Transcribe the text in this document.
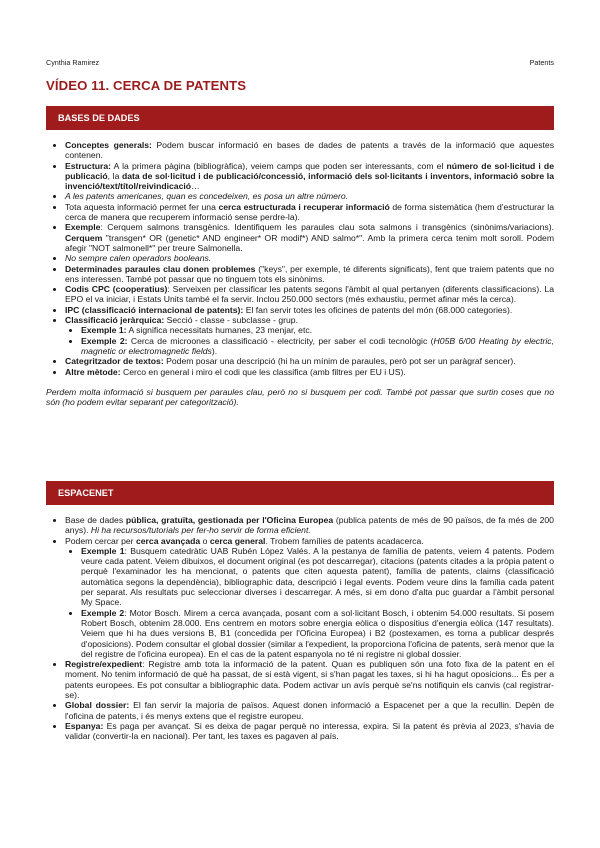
Cynthia Ramirez	Patents
VÍDEO 11. CERCA DE PATENTS
BASES DE DADES
• Conceptes generals: Podem buscar informació en bases de dades de patents a través de la informació que aquestes contenen.
• Estructura: A la primera pàgina (bibliogràfica), veiem camps que poden ser interessants, com el número de sol·licitud i de publicació, la data de sol·licitud i de publicació/concessió, informació dels sol·licitants i inventors, informació sobre la invenció/text/títol/reivindicació…
• A les patents americanes, quan es concedeixen, es posa un altre número.
• Tota aquesta informació permet fer una cerca estructurada i recuperar informació de forma sistemàtica (hem d'estructurar la cerca de manera que recuperem informació sense perdre-la).
• Exemple: Cerquem salmons transgènics. Identifiquem les paraules clau sota salmons i transgènics (sinònims/variacions). Cerquem "transgen* OR (genetic* AND engineer* OR modif*) AND salmo*". Amb la primera cerca tenim molt soroll. Podem afegir "NOT salmonell*" per treure Salmonella.
• No sempre calen operadors booleans.
• Determinades paraules clau donen problemes ("keys", per exemple, té diferents significats), fent que traiem patents que no ens interessen. També pot passar que no tinguem tots els sinònims.
• Codis CPC (cooperatius): Serveixen per classificar les patents segons l'àmbit al qual pertanyen (diferents classificacions). La EPO el va iniciar, i Estats Units també el fa servir. Inclou 250.000 sectors (més exhaustiu, permet afinar més la cerca).
• IPC (classificació internacional de patents): El fan servir totes les oficines de patents del món (68.000 categories).
• Classificació jeràrquica: Secció - classe - subclasse - grup.
• Exemple 1: A significa necessitats humanes, 23 menjar, etc.
• Exemple 2: Cerca de microones a classificació - electricity, per saber el codi tecnològic (H05B 6/00 Heating by electric, magnetic or electromagnetic fields).
• Categritzador de textos: Podem posar una descripció (hi ha un mínim de paraules, però pot ser un paràgraf sencer).
• Altre mètode: Cerco en general i miro el codi que les classifica (amb filtres per EU i US).
Perdem molta informació si busquem per paraules clau, però no si busquem per codi. També pot passar que surtin coses que no són (ho podem evitar separant per categorització).
ESPACENET
• Base de dades pública, gratuïta, gestionada per l'Oficina Europea (publica patents de més de 90 països, de fa més de 200 anys). Hi ha recursos/tutorials per fer-ho servir de forma eficient.
• Podem cercar per cerca avançada o cerca general. Trobem famílies de patents acadacerca.
• Exemple 1: Busquem catedràtic UAB Rubén López Valés. A la pestanya de família de patents, veiem 4 patents. Podem veure cada patent. Veiem dibuixos, el document original (es pot descarregar), citacions (patents citades a la pròpia patent o perquè l'examinador les ha mencionat, o patents que citen aquesta patent), família de patents, claims (classificació automàtica segons la dependència), bibliographic data, descripció i legal events. Podem veure dins la família cada patent per separat. Als resultats puc seleccionar diverses i descarregar. A més, si em dono d'alta puc guardar a l'àmbit personal My Space.
• Exemple 2: Motor Bosch. Mirem a cerca avançada, posant com a sol·licitant Bosch, i obtenim 54.000 resultats. Si posem Robert Bosch, obtenim 28.000. Ens centrem en motors sobre energia eòlica o dispositius d'energia eòlica (147 resultats). Veiem que hi ha dues versions B, B1 (concedida per l'Oficina Europea) i B2 (postexamen, es torna a publicar després d'oposicions). Podem consultar el global dossier (similar a l'expedient, la proporciona l'oficina de patents, serà menor que la del registre de l'oficina europea). En el cas de la patent espanyola no té ni registre ni global dossier.
• Registre/expedient: Registre amb tota la informació de la patent. Quan es publiquen són una foto fixa de la patent en el moment. No tenim informació de què ha passat, de si està vigent, si s'han pagat les taxes, si hi ha hagut oposicions... És per a patents europees. Es pot consultar a bibliographic data. Podem activar un avís perquè se'ns notifiquin els canvis (cal registrar-se).
• Global dossier: El fan servir la majoria de països. Aquest donen informació a Espacenet per a que la recullin. Depèn de l'oficina de patents, i és menys extens que el registre europeu.
• Espanya: Es paga per avançat. Si es deixa de pagar perquè no interessa, expira. Si la patent és prèvia al 2023, s'havia de validar (convertir-la en nacional). Per tant, les taxes es pagaven al país.
